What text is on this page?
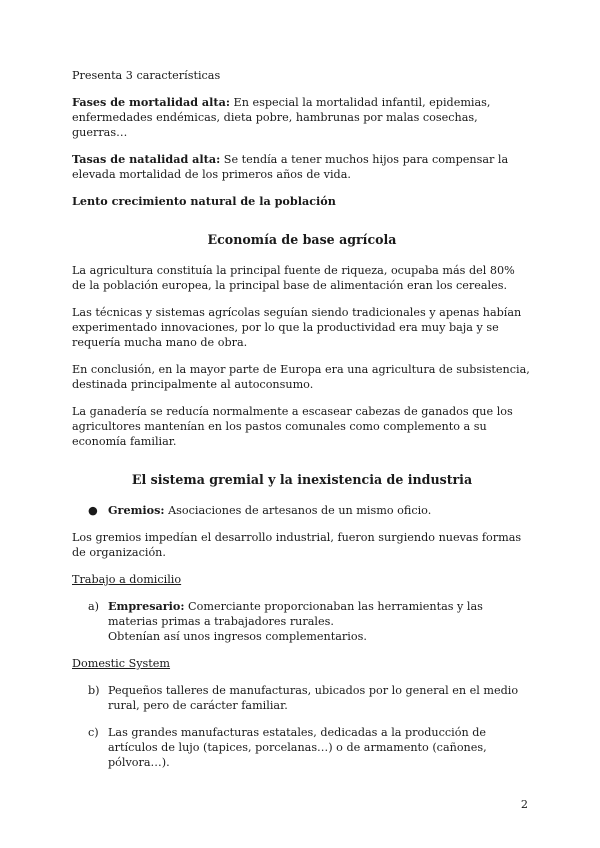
Presenta 3 características

Fases de mortalidad alta: En especial la mortalidad infantil, epidemias, enfermedades endémicas, dieta pobre, hambrunas por malas cosechas, guerras…

Tasas de natalidad alta: Se tendía a tener muchos hijos para compensar la elevada mortalidad de los primeros años de vida.

Lento crecimiento natural de la población

Economía de base agrícola

La agricultura constituía la principal fuente de riqueza, ocupaba más del 80% de la población europea, la principal base de alimentación eran los cereales.

Las técnicas y sistemas agrícolas seguían siendo tradicionales y apenas habían experimentado innovaciones, por lo que la productividad era muy baja y se requería mucha mano de obra.

En conclusión, en la mayor parte de Europa era una agricultura de subsistencia, destinada principalmente al autoconsumo.

La ganadería se reducía normalmente a escasear cabezas de ganados que los agricultores mantenían en los pastos comunales como complemento a su economía familiar.

El sistema gremial y la inexistencia de industria
● Gremios: Asociaciones de artesanos de un mismo oficio.

Los gremios impedían el desarrollo industrial, fueron surgiendo nuevas formas de organización.

Trabajo a domicilio

a) Empresario: Comerciante proporcionaban las herramientas y las materias primas a trabajadores rurales.

Obtenían así unos ingresos complementarios.

Domestic System

b) Pequeños talleres de manufacturas, ubicados por lo general en el medio rural, pero de carácter familiar.

c) Las grandes manufacturas estatales, dedicadas a la producción de artículos de lujo (tapices, porcelanas…) o de armamento (cañones, pólvora…).

2
